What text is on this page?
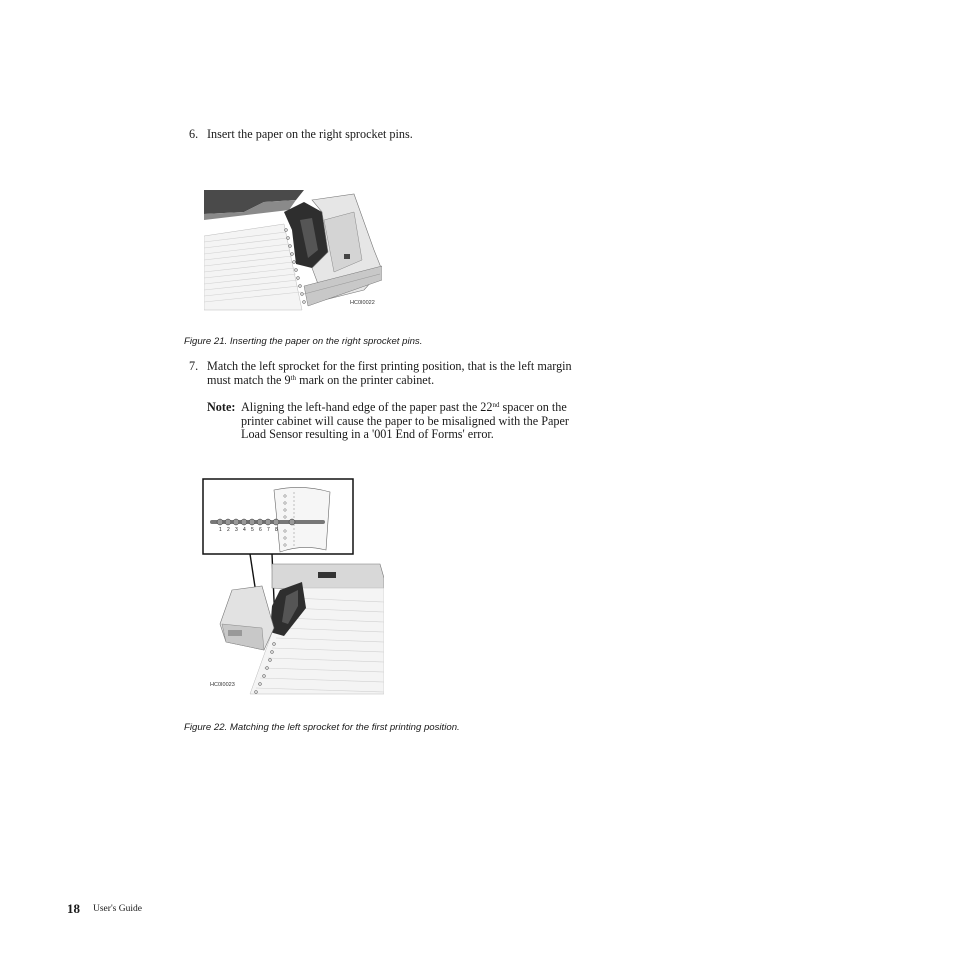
6. Insert the paper on the right sprocket pins.
HC0I0022
Figure 21. Inserting the paper on the right sprocket pins.
7. Match the left sprocket for the first printing position, that is the left margin
must match the 9th mark on the printer cabinet.
Note: Aligning the left-hand edge of the paper past the 22nd spacer on the
printer cabinet will cause the paper to be misaligned with the Paper
Load Sensor resulting in a '001 End of Forms' error.
1 2 3 4 5 6 7 8
HC0I0023
Figure 22. Matching the left sprocket for the first printing position.
18 User's Guide
